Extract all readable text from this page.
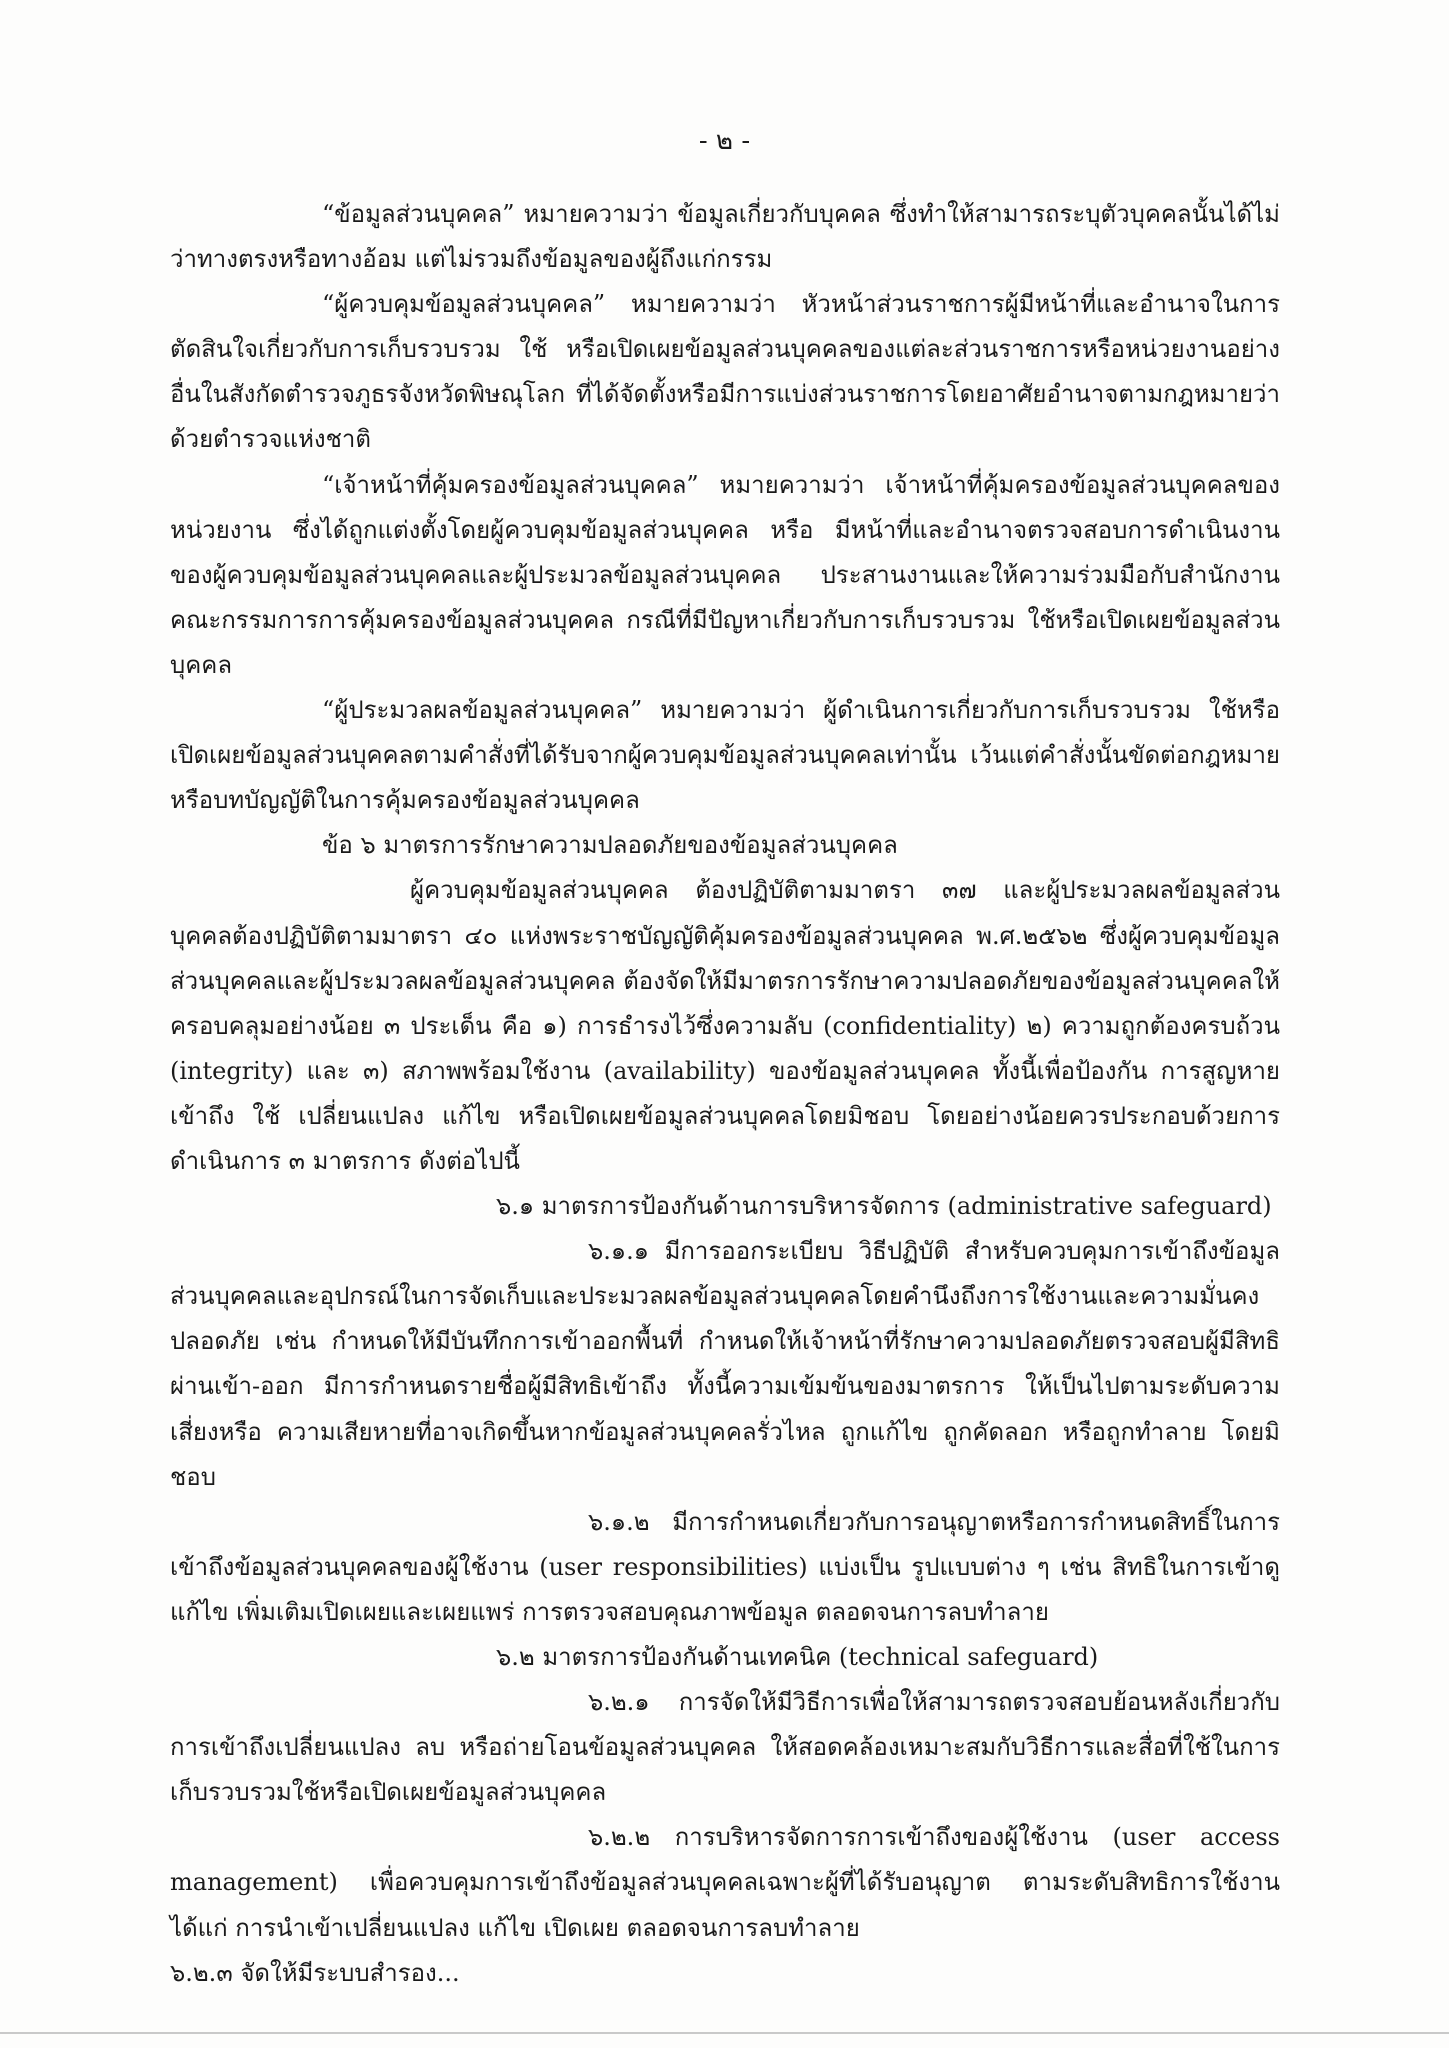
- ๒ -

“ข้อมูลส่วนบุคคล” หมายความว่า ข้อมูลเกี่ยวกับบุคคล ซึ่งทำให้สามารถระบุตัวบุคคลนั้นได้ไม่ว่าทางตรงหรือทางอ้อม แต่ไม่รวมถึงข้อมูลของผู้ถึงแก่กรรม

“ผู้ควบคุมข้อมูลส่วนบุคคล” หมายความว่า หัวหน้าส่วนราชการผู้มีหน้าที่และอำนาจในการตัดสินใจเกี่ยวกับการเก็บรวบรวม ใช้ หรือเปิดเผยข้อมูลส่วนบุคคลของแต่ละส่วนราชการหรือหน่วยงานอย่างอื่นในสังกัดตำรวจภูธรจังหวัดพิษณุโลก ที่ได้จัดตั้งหรือมีการแบ่งส่วนราชการโดยอาศัยอำนาจตามกฎหมายว่าด้วยตำรวจแห่งชาติ

“เจ้าหน้าที่คุ้มครองข้อมูลส่วนบุคคล” หมายความว่า เจ้าหน้าที่คุ้มครองข้อมูลส่วนบุคคลของหน่วยงาน ซึ่งได้ถูกแต่งตั้งโดยผู้ควบคุมข้อมูลส่วนบุคคล หรือ มีหน้าที่และอำนาจตรวจสอบการดำเนินงานของผู้ควบคุมข้อมูลส่วนบุคคลและผู้ประมวลข้อมูลส่วนบุคคล ประสานงานและให้ความร่วมมือกับสำนักงานคณะกรรมการการคุ้มครองข้อมูลส่วนบุคคล กรณีที่มีปัญหาเกี่ยวกับการเก็บรวบรวม ใช้หรือเปิดเผยข้อมูลส่วนบุคคล

“ผู้ประมวลผลข้อมูลส่วนบุคคล” หมายความว่า ผู้ดำเนินการเกี่ยวกับการเก็บรวบรวม ใช้หรือเปิดเผยข้อมูลส่วนบุคคลตามคำสั่งที่ได้รับจากผู้ควบคุมข้อมูลส่วนบุคคลเท่านั้น เว้นแต่คำสั่งนั้นขัดต่อกฎหมายหรือบทบัญญัติในการคุ้มครองข้อมูลส่วนบุคคล

ข้อ ๖ มาตรการรักษาความปลอดภัยของข้อมูลส่วนบุคคล

ผู้ควบคุมข้อมูลส่วนบุคคล ต้องปฏิบัติตามมาตรา ๓๗ และผู้ประมวลผลข้อมูลส่วนบุคคลต้องปฏิบัติตามมาตรา ๔๐ แห่งพระราชบัญญัติคุ้มครองข้อมูลส่วนบุคคล พ.ศ.๒๕๖๒ ซึ่งผู้ควบคุมข้อมูลส่วนบุคคลและผู้ประมวลผลข้อมูลส่วนบุคคล ต้องจัดให้มีมาตรการรักษาความปลอดภัยของข้อมูลส่วนบุคคลให้ครอบคลุมอย่างน้อย ๓ ประเด็น คือ ๑) การธำรงไว้ซึ่งความลับ (confidentiality) ๒) ความถูกต้องครบถ้วน (integrity) และ ๓) สภาพพร้อมใช้งาน (availability) ของข้อมูลส่วนบุคคล ทั้งนี้เพื่อป้องกัน การสูญหาย เข้าถึง ใช้ เปลี่ยนแปลง แก้ไข หรือเปิดเผยข้อมูลส่วนบุคคลโดยมิชอบ โดยอย่างน้อยควรประกอบด้วยการดำเนินการ ๓ มาตรการ ดังต่อไปนี้

๖.๑ มาตรการป้องกันด้านการบริหารจัดการ (administrative safeguard)

๖.๑.๑ มีการออกระเบียบ วิธีปฏิบัติ สำหรับควบคุมการเข้าถึงข้อมูลส่วนบุคคลและอุปกรณ์ในการจัดเก็บและประมวลผลข้อมูลส่วนบุคคลโดยคำนึงถึงการใช้งานและความมั่นคงปลอดภัย เช่น กำหนดให้มีบันทึกการเข้าออกพื้นที่ กำหนดให้เจ้าหน้าที่รักษาความปลอดภัยตรวจสอบผู้มีสิทธิผ่านเข้า-ออก มีการกำหนดรายชื่อผู้มีสิทธิเข้าถึง ทั้งนี้ความเข้มข้นของมาตรการ ให้เป็นไปตามระดับความเสี่ยงหรือ ความเสียหายที่อาจเกิดขึ้นหากข้อมูลส่วนบุคคลรั่วไหล ถูกแก้ไข ถูกคัดลอก หรือถูกทำลาย โดยมิชอบ

๖.๑.๒ มีการกำหนดเกี่ยวกับการอนุญาตหรือการกำหนดสิทธิ์ในการเข้าถึงข้อมูลส่วนบุคคลของผู้ใช้งาน (user responsibilities) แบ่งเป็น รูปแบบต่าง ๆ เช่น สิทธิในการเข้าดู แก้ไข เพิ่มเติมเปิดเผยและเผยแพร่ การตรวจสอบคุณภาพข้อมูล ตลอดจนการลบทำลาย

๖.๒ มาตรการป้องกันด้านเทคนิค (technical safeguard)

๖.๒.๑ การจัดให้มีวิธีการเพื่อให้สามารถตรวจสอบย้อนหลังเกี่ยวกับการเข้าถึงเปลี่ยนแปลง ลบ หรือถ่ายโอนข้อมูลส่วนบุคคล ให้สอดคล้องเหมาะสมกับวิธีการและสื่อที่ใช้ในการเก็บรวบรวมใช้หรือเปิดเผยข้อมูลส่วนบุคคล

๖.๒.๒ การบริหารจัดการการเข้าถึงของผู้ใช้งาน (user access management) เพื่อควบคุมการเข้าถึงข้อมูลส่วนบุคคลเฉพาะผู้ที่ได้รับอนุญาต ตามระดับสิทธิการใช้งาน ได้แก่ การนำเข้าเปลี่ยนแปลง แก้ไข เปิดเผย ตลอดจนการลบทำลาย

๖.๒.๓ จัดให้มีระบบสำรอง...
